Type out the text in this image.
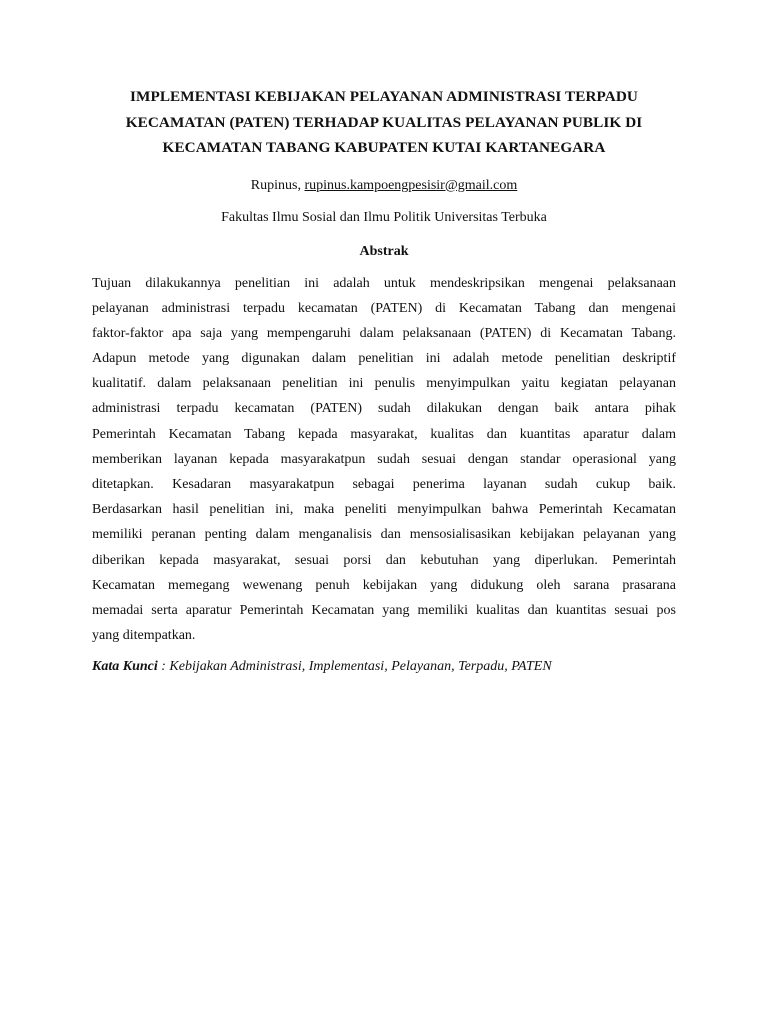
IMPLEMENTASI KEBIJAKAN PELAYANAN ADMINISTRASI TERPADU
KECAMATAN (PATEN) TERHADAP KUALITAS PELAYANAN PUBLIK DI
KECAMATAN TABANG KABUPATEN KUTAI KARTANEGARA
Rupinus, rupinus.kampoengpesisir@gmail.com
Fakultas Ilmu Sosial dan Ilmu Politik Universitas Terbuka
Abstrak
Tujuan dilakukannya penelitian ini adalah untuk mendeskripsikan mengenai pelaksanaan
pelayanan administrasi terpadu kecamatan (PATEN) di Kecamatan Tabang dan mengenai
faktor-faktor apa saja yang mempengaruhi dalam pelaksanaan (PATEN) di Kecamatan Tabang.
Adapun metode yang digunakan dalam penelitian ini adalah metode penelitian deskriptif
kualitatif. dalam pelaksanaan penelitian ini penulis menyimpulkan yaitu kegiatan pelayanan
administrasi terpadu kecamatan (PATEN) sudah dilakukan dengan baik antara pihak
Pemerintah Kecamatan Tabang kepada masyarakat, kualitas dan kuantitas aparatur dalam
memberikan layanan kepada masyarakatpun sudah sesuai dengan standar operasional yang
ditetapkan. Kesadaran masyarakatpun sebagai penerima layanan sudah cukup baik.
Berdasarkan hasil penelitian ini, maka peneliti menyimpulkan bahwa Pemerintah Kecamatan
memiliki peranan penting dalam menganalisis dan mensosialisasikan kebijakan pelayanan yang
diberikan kepada masyarakat, sesuai porsi dan kebutuhan yang diperlukan. Pemerintah
Kecamatan memegang wewenang penuh kebijakan yang didukung oleh sarana prasarana
memadai serta aparatur Pemerintah Kecamatan yang memiliki kualitas dan kuantitas sesuai pos
yang ditempatkan.
Kata Kunci : Kebijakan Administrasi, Implementasi, Pelayanan, Terpadu, PATEN
